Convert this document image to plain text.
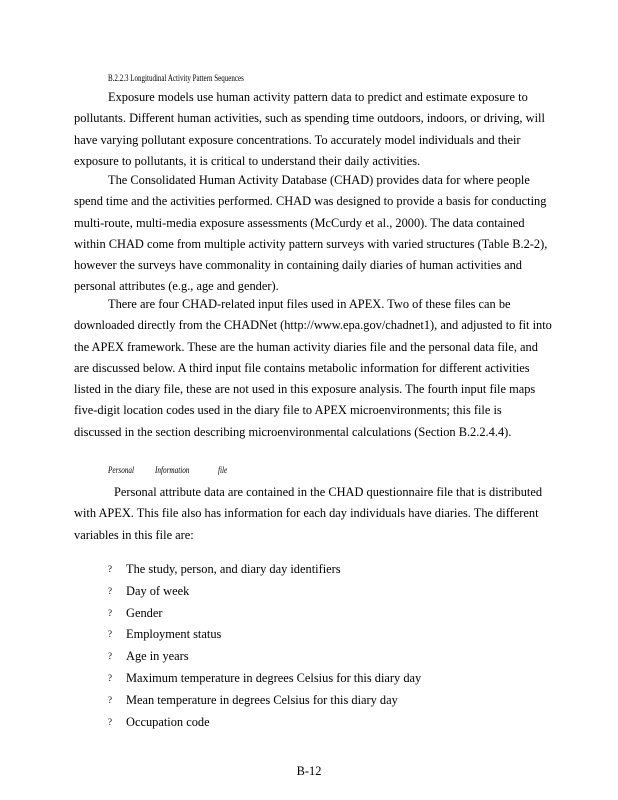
B.2.2.3 Longitudinal Activity Pattern Sequences

Exposure models use human activity pattern data to predict and estimate exposure to pollutants. Different human activities, such as spending time outdoors, indoors, or driving, will have varying pollutant exposure concentrations. To accurately model individuals and their exposure to pollutants, it is critical to understand their daily activities.

The Consolidated Human Activity Database (CHAD) provides data for where people spend time and the activities performed. CHAD was designed to provide a basis for conducting multi-route, multi-media exposure assessments (McCurdy et al., 2000). The data contained within CHAD come from multiple activity pattern surveys with varied structures (Table B.2-2), however the surveys have commonality in containing daily diaries of human activities and personal attributes (e.g., age and gender).

There are four CHAD-related input files used in APEX. Two of these files can be downloaded directly from the CHADNet (http://www.epa.gov/chadnet1), and adjusted to fit into the APEX framework. These are the human activity diaries file and the personal data file, and are discussed below. A third input file contains metabolic information for different activities listed in the diary file, these are not used in this exposure analysis. The fourth input file maps five-digit location codes used in the diary file to APEX microenvironments; this file is discussed in the section describing microenvironmental calculations (Section B.2.2.4.4).

Personal Information	file

Personal attribute data are contained in the CHAD questionnaire file that is distributed with APEX. This file also has information for each day individuals have diaries. The different variables in this file are:

? The study, person, and diary day identifiers
? Day of week
? Gender
? Employment status
? Age in years
? Maximum temperature in degrees Celsius for this diary day
? Mean temperature in degrees Celsius for this diary day
? Occupation code
B-12
